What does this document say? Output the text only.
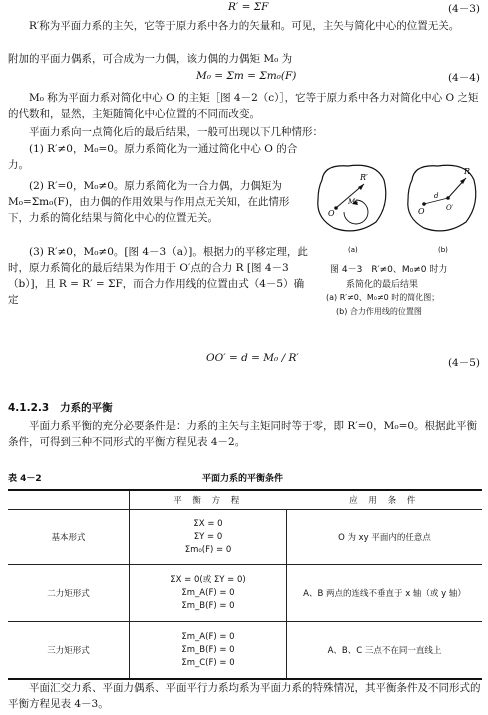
R′ = ΣF	(4－3)
R′称为平面力系的主矢，它等于原力系中各力的矢量和。可见，主矢与简化中心的位置无关。
附加的平面力偶系，可合成为一力偶，该力偶的力偶矩 M₀ 为
M₀ = Σm = Σm₀(F)	(4－4)
M₀ 称为平面力系对简化中心 O 的主矩［图 4－2（c）］，它等于原力系中各力对简化中心 O 之矩的代数和，显然，主矩随简化中心位置的不同而改变。
平面力系向一点简化后的最后结果，一般可出现以下几种情形：
(1) R′≠0，M₀=0。原力系简化为一通过简化中心 O 的合力。
(2) R′=0，M₀≠0。原力系简化为一合力偶，力偶矩为 M₀=Σm₀(F)，由力偶的作用效果与作用点无关知，在此情形下，力系的简化结果与简化中心的位置无关。
(3) R′≠0，M₀≠0。[图 4－3（a）]。根据力的平移定理，此时，原力系简化的最后结果为作用于 O′点的合力 R [图 4－3（b）]，且 R = R′ = ΣF，而合力作用线的位置由式（4－5）确定
R′
M₀
O	O
d
O′
R
(a)	(b)
图 4－3　R′≠0、M₀≠0 时力
系简化的最后结果
(a) R′≠0、M₀≠0 时的简化图；
(b) 合力作用线的位置图
OO′ = d = M₀ / R′	(4－5)
4.1.2.3 力系的平衡
平面力系平衡的充分必要条件是：力系的主矢与主矩同时等于零，即 R′=0，M₀=0。根据此平衡条件，可得到三种不同形式的平衡方程见表 4－2。
表 4－2	平面力系的平衡条件
	平 衡 方 程	应 用 条 件
基本形式	ΣX = 0
ΣY = 0
Σm₀(F) = 0	O 为 xy 平面内的任意点
二力矩形式	ΣX = 0(或 ΣY = 0)
Σm_A(F) = 0
Σm_B(F) = 0	A、B 两点的连线不垂直于 x 轴（或 y 轴）
三力矩形式	Σm_A(F) = 0
Σm_B(F) = 0
Σm_C(F) = 0	A、B、C 三点不在同一直线上
平面汇交力系、平面力偶系、平面平行力系均系为平面力系的特殊情况，其平衡条件及不同形式的平衡方程见表 4－3。
